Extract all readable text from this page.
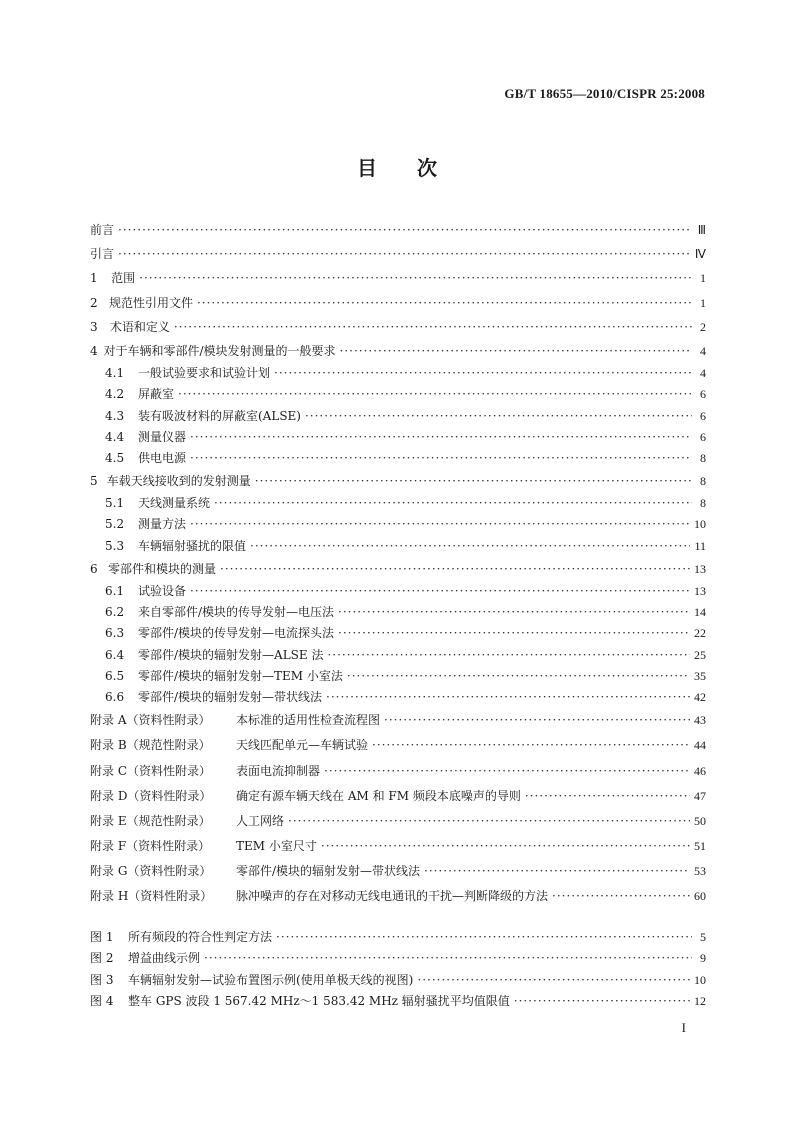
GB/T 18655—2010/CISPR 25:2008
目次
前言 ·····	Ⅲ
引言 ·····	Ⅳ
1	范围 ·····	1
2 规范性引用文件 ·····	1
3	术语和定义 ·····	2
4 对于车辆和零部件/模块发射测量的一般要求 ·····	4
4.1	一般试验要求和试验计划 ·····	4
4.2	屏蔽室 ·····	6
4.3	装有吸波材料的屏蔽室(ALSE) ·····	6
4.4	测量仪器 ·····	6
4.5	供电电源 ·····	8
5 车载天线接收到的发射测量 ·····	8
5.1	天线测量系统 ·····	8
5.2	测量方法 ·····	10
5.3	车辆辐射骚扰的限值 ·····	11
6 零部件和模块的测量 ·····	13
6.1	试验设备 ·····	13
6.2	来自零部件/模块的传导发射—电压法 ·····	14
6.3	零部件/模块的传导发射—电流探头法 ·····	22
6.4	零部件/模块的辐射发射—ALSE 法 ·····	25
6.5	零部件/模块的辐射发射—TEM 小室法 ·····	35
6.6	零部件/模块的辐射发射—带状线法 ·····	42
附录 A（资料性附录）	本标准的适用性检查流程图 ·····	43
附录 B（规范性附录）	天线匹配单元—车辆试验 ·····	44
附录 C（资料性附录）	表面电流抑制器 ·····	46
附录 D（资料性附录）	确定有源车辆天线在 AM 和 FM 频段本底噪声的导则 ·····	47
附录 E（规范性附录）	人工网络 ·····	50
附录 F（资料性附录）	TEM 小室尺寸 ·····	51
附录 G（资料性附录）	零部件/模块的辐射发射—带状线法 ·····	53
附录 H（资料性附录）	脉冲噪声的存在对移动无线电通讯的干扰—判断降级的方法 ·····	60
图 1	所有频段的符合性判定方法 ·····	5
图 2	增益曲线示例 ·····	9
图 3	车辆辐射发射—试验布置图示例(使用单极天线的视图) ·····	10
图 4	整车 GPS 波段 1 567.42 MHz～1 583.42 MHz 辐射骚扰平均值限值 ·····	12
I
